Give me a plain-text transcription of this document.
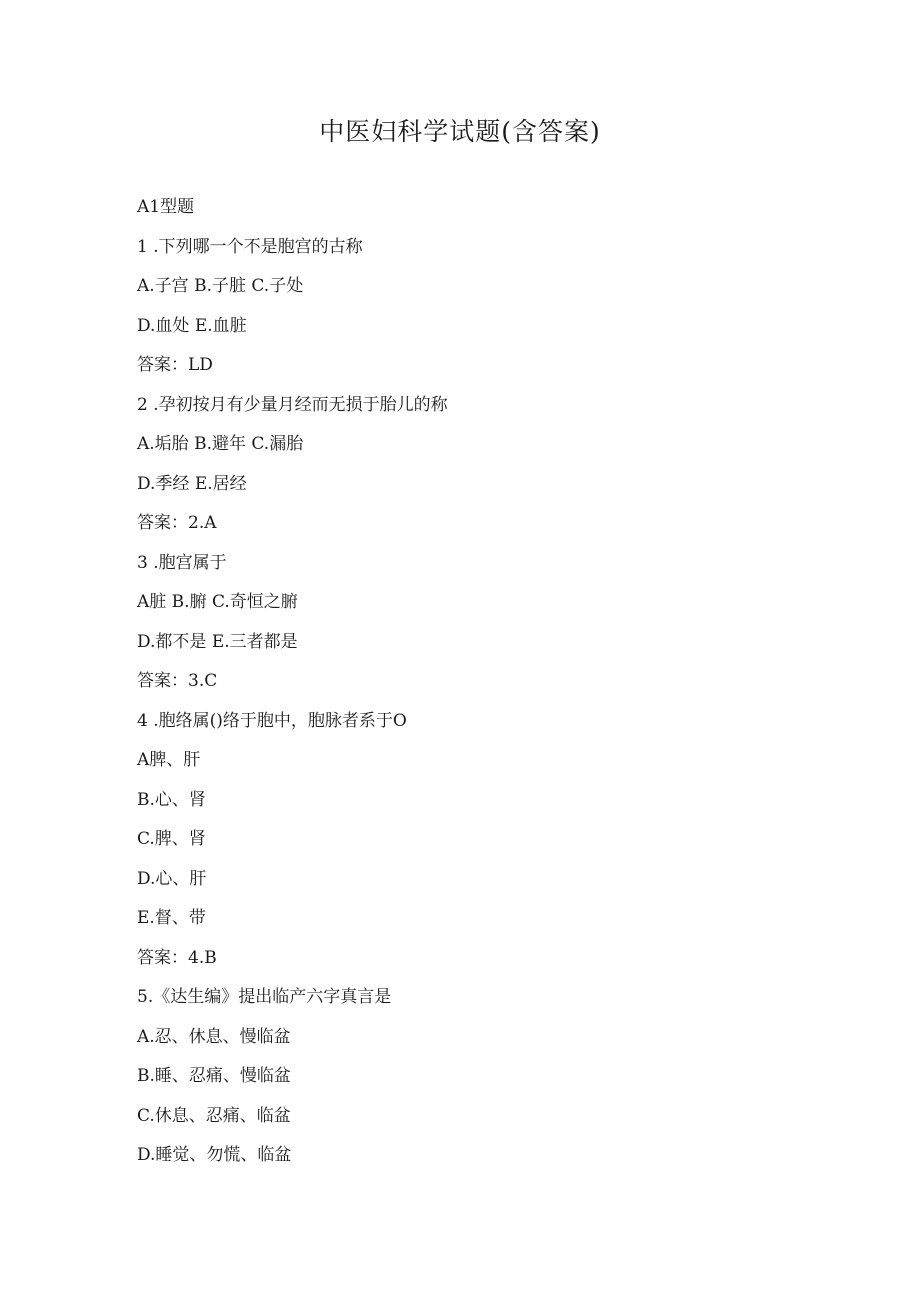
中医妇科学试题(含答案)
A1型题
1 .下列哪一个不是胞宫的古称
A.子宫 B.子脏 C.子处
D.血处 E.血脏
答案：LD
2 .孕初按月有少量月经而无损于胎儿的称
A.垢胎 B.避年 C.漏胎
D.季经 E.居经
答案：2.A
3 .胞宫属于
A脏 B.腑 C.奇恒之腑
D.都不是 E.三者都是
答案：3.C
4 .胞络属()络于胞中，胞脉者系于O
A脾、肝
B.心、肾
C.脾、肾
D.心、肝
E.督、带
答案：4.B
5.《达生编》提出临产六字真言是
A.忍、休息、慢临盆
B.睡、忍痛、慢临盆
C.休息、忍痛、临盆
D.睡觉、勿慌、临盆
